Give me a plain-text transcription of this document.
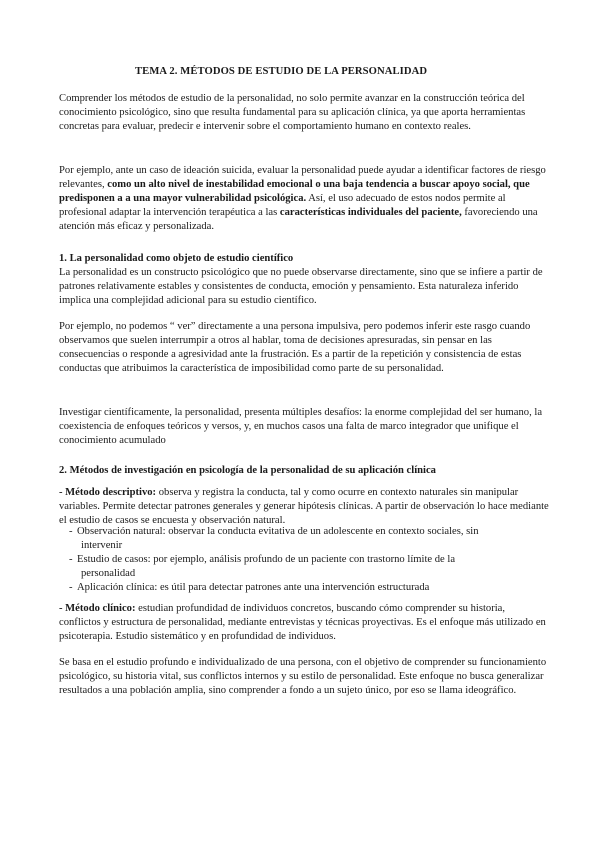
TEMA 2. MÉTODOS DE ESTUDIO DE LA PERSONALIDAD

Comprender los métodos de estudio de la personalidad, no solo permite avanzar en la construcción teórica del conocimiento psicológico, sino que resulta fundamental para su aplicación clínica, ya que aporta herramientas concretas para evaluar, predecir e intervenir sobre el comportamiento humano en contexto reales.

Por ejemplo, ante un caso de ideación suicida, evaluar la personalidad puede ayudar a identificar factores de riesgo relevantes, como un alto nivel de inestabilidad emocional o una baja tendencia a buscar apoyo social, que predisponen a a una mayor vulnerabilidad psicológica. Así, el uso adecuado de estos nodos permite al profesional adaptar la intervención terapéutica a las características individuales del paciente, favoreciendo una atención más eficaz y personalizada.

1. La personalidad como objeto de estudio científico

La personalidad es un constructo psicológico que no puede observarse directamente, sino que se infiere a partir de patrones relativamente estables y consistentes de conducta, emoción y pensamiento. Esta naturaleza inferido implica una complejidad adicional para su estudio científico.

Por ejemplo, no podemos “ ver” directamente a una persona impulsiva, pero podemos inferir este rasgo cuando observamos que suelen interrumpir a otros al hablar, toma de decisiones apresuradas, sin pensar en las consecuencias o responde a agresividad ante la frustración. Es a partir de la repetición y consistencia de estas conductas que atribuimos la característica de imposibilidad como parte de su personalidad.

Investigar científicamente, la personalidad, presenta múltiples desafíos: la enorme complejidad del ser humano, la coexistencia de enfoques teóricos y versos, y, en muchos casos una falta de marco integrador que unifique el conocimiento acumulado

2. Métodos de investigación en psicología de la personalidad de su aplicación clínica

- Método descriptivo: observa y registra la conducta, tal y como ocurre en contexto naturales sin manipular variables. Permite detectar patrones generales y generar hipótesis clínicas. A partir de observación lo hace mediante el estudio de casos se encuesta y observación natural.

- Observación natural: observar la conducta evitativa de un adolescente en contexto sociales, sin
intervenir
- Estudio de casos: por ejemplo, análisis profundo de un paciente con trastorno límite de la
personalidad
- Aplicación clínica: es útil para detectar patrones ante una intervención estructurada

- Método clínico: estudian profundidad de individuos concretos, buscando cómo comprender su historia, conflictos y estructura de personalidad, mediante entrevistas y técnicas proyectivas. Es el enfoque más utilizado en psicoterapia. Estudio sistemático y en profundidad de individuos.

Se basa en el estudio profundo e individualizado de una persona, con el objetivo de comprender su funcionamiento psicológico, su historia vital, sus conflictos internos y su estilo de personalidad. Este enfoque no busca generalizar resultados a una población amplia, sino comprender a fondo a un sujeto único, por eso se llama ideográfico.
